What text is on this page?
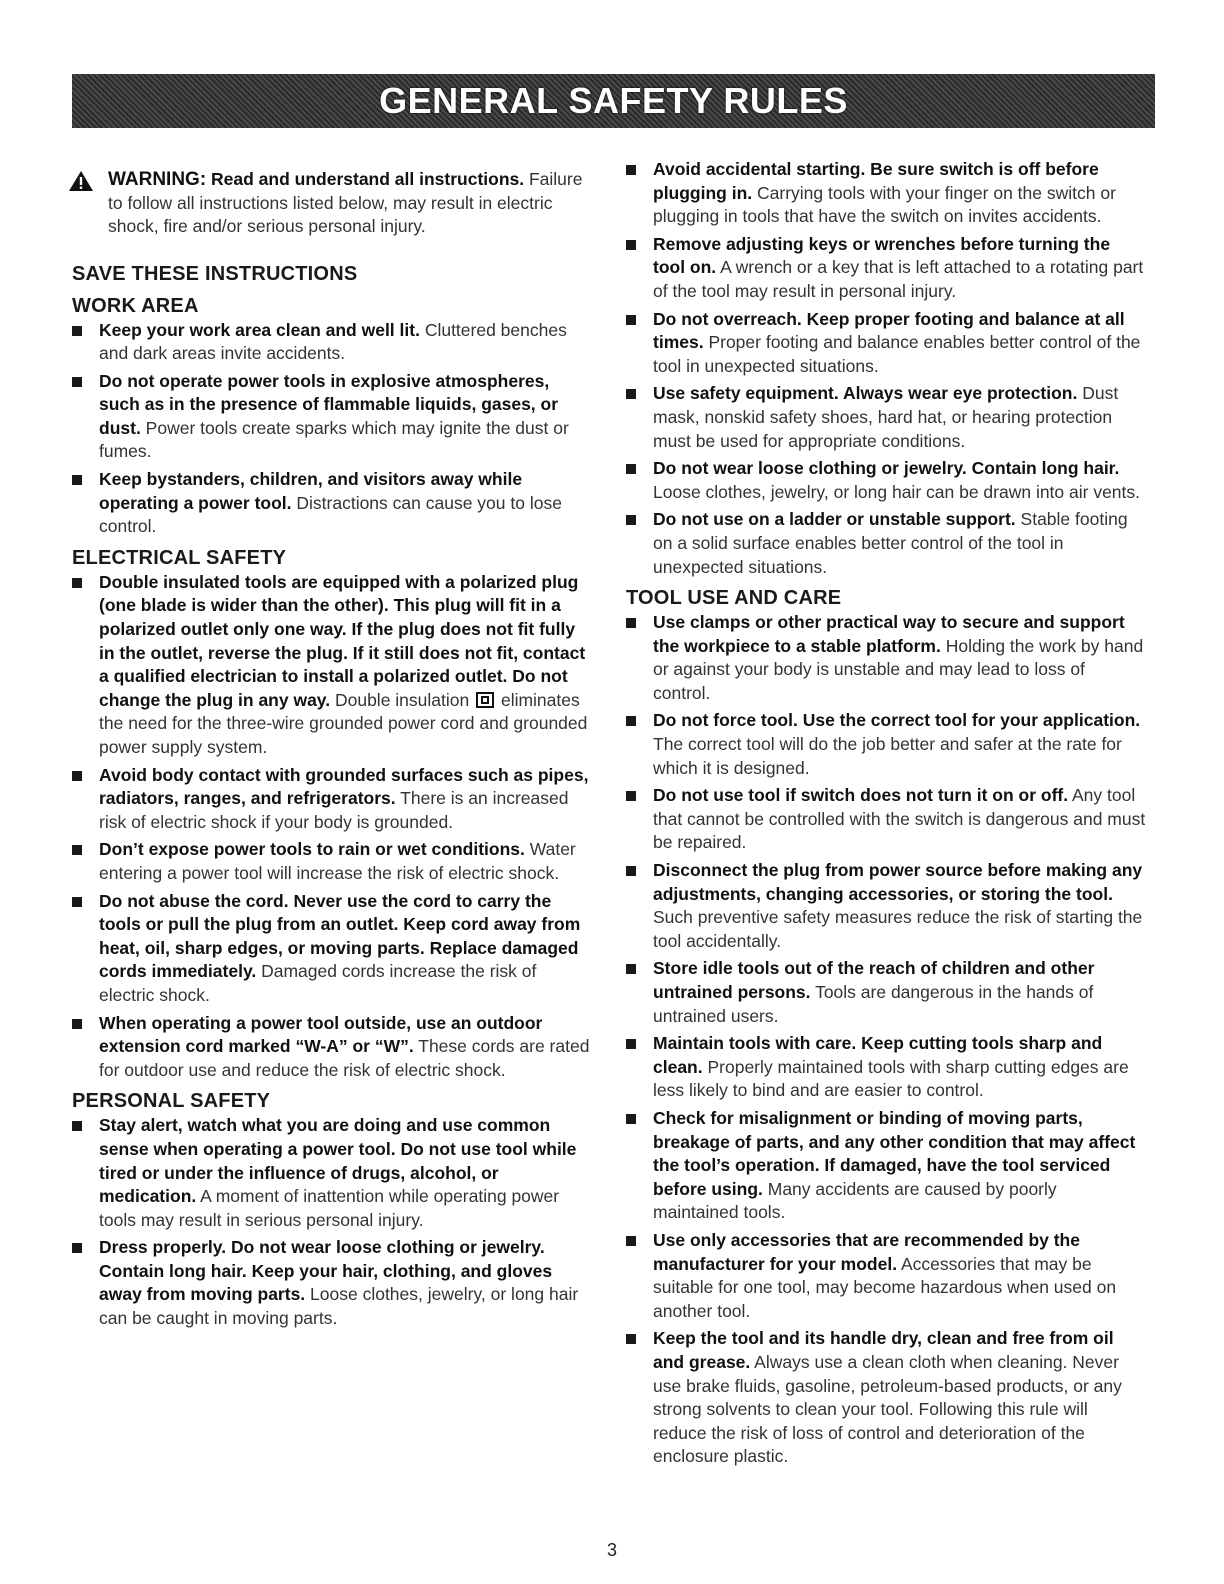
GENERAL SAFETY RULES
WARNING: Read and understand all instructions. Failure to follow all instructions listed below, may result in electric shock, fire and/or serious personal injury.
SAVE THESE INSTRUCTIONS
WORK AREA
Keep your work area clean and well lit. Cluttered benches and dark areas invite accidents.
Do not operate power tools in explosive atmospheres, such as in the presence of flammable liquids, gases, or dust. Power tools create sparks which may ignite the dust or fumes.
Keep bystanders, children, and visitors away while operating a power tool. Distractions can cause you to lose control.
ELECTRICAL SAFETY
Double insulated tools are equipped with a polarized plug (one blade is wider than the other). This plug will fit in a polarized outlet only one way. If the plug does not fit fully in the outlet, reverse the plug. If it still does not fit, contact a qualified electrician to install a polarized outlet. Do not change the plug in any way. Double insulation  eliminates the need for the three-wire grounded power cord and grounded power supply system.
Avoid body contact with grounded surfaces such as pipes, radiators, ranges, and refrigerators. There is an increased risk of electric shock if your body is grounded.
Don’t expose power tools to rain or wet conditions. Water entering a power tool will increase the risk of electric shock.
Do not abuse the cord. Never use the cord to carry the tools or pull the plug from an outlet. Keep cord away from heat, oil, sharp edges, or moving parts. Replace damaged cords immediately. Damaged cords increase the risk of electric shock.
When operating a power tool outside, use an outdoor extension cord marked “W-A” or “W”. These cords are rated for outdoor use and reduce the risk of electric shock.
PERSONAL SAFETY
Stay alert, watch what you are doing and use common sense when operating a power tool. Do not use tool while tired or under the influence of drugs, alcohol, or medication. A moment of inattention while operating power tools may result in serious personal injury.
Dress properly. Do not wear loose clothing or jewelry. Contain long hair. Keep your hair, clothing, and gloves away from moving parts. Loose clothes, jewelry, or long hair can be caught in moving parts.
Avoid accidental starting. Be sure switch is off before plugging in. Carrying tools with your finger on the switch or plugging in tools that have the switch on invites accidents.
Remove adjusting keys or wrenches before turning the tool on. A wrench or a key that is left attached to a rotating part of the tool may result in personal injury.
Do not overreach. Keep proper footing and balance at all times. Proper footing and balance enables better control of the tool in unexpected situations.
Use safety equipment. Always wear eye protection. Dust mask, nonskid safety shoes, hard hat, or hearing protection must be used for appropriate conditions.
Do not wear loose clothing or jewelry. Contain long hair. Loose clothes, jewelry, or long hair can be drawn into air vents.
Do not use on a ladder or unstable support. Stable footing on a solid surface enables better control of the tool in unexpected situations.
TOOL USE AND CARE
Use clamps or other practical way to secure and support the workpiece to a stable platform. Holding the work by hand or against your body is unstable and may lead to loss of control.
Do not force tool. Use the correct tool for your application. The correct tool will do the job better and safer at the rate for which it is designed.
Do not use tool if switch does not turn it on or off. Any tool that cannot be controlled with the switch is dangerous and must be repaired.
Disconnect the plug from power source before making any adjustments, changing accessories, or storing the tool. Such preventive safety measures reduce the risk of starting the tool accidentally.
Store idle tools out of the reach of children and other untrained persons. Tools are dangerous in the hands of untrained users.
Maintain tools with care. Keep cutting tools sharp and clean. Properly maintained tools with sharp cutting edges are less likely to bind and are easier to control.
Check for misalignment or binding of moving parts, breakage of parts, and any other condition that may affect the tool’s operation. If damaged, have the tool serviced before using. Many accidents are caused by poorly maintained tools.
Use only accessories that are recommended by the manufacturer for your model. Accessories that may be suitable for one tool, may become hazardous when used on another tool.
Keep the tool and its handle dry, clean and free from oil and grease. Always use a clean cloth when cleaning. Never use brake fluids, gasoline, petroleum-based products, or any strong solvents to clean your tool. Following this rule will reduce the risk of loss of control and deterioration of the enclosure plastic.
3
